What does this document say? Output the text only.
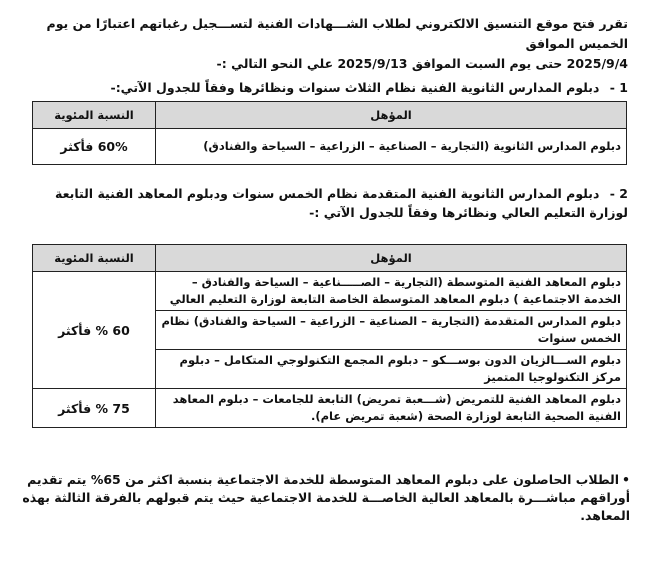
تقرر فتح موقع التنسيق الالكتروني لطلاب الشـــهادات الفنية لتســـجيل رغباتهم اعتبارًا من يوم الخميس الموافق
2025/9/4 حتى يوم السبت الموافق 2025/9/13 علي النحو التالي :-
1 - دبلوم المدارس الثانوية الفنية نظام الثلاث سنوات ونظائرها وفقاً للجدول الآتي:-
المؤهل	النسبة المئوية
دبلوم المدارس الثانوية (التجارية – الصناعية – الزراعية – السياحة والفنادق)	60% فأكثر
2 - دبلوم المدارس الثانوية الفنية المتقدمة نظام الخمس سنوات ودبلوم المعاهد الفنية التابعة لوزارة التعليم العالي ونظائرها وفقاً للجدول الآتي :-
المؤهل	النسبة المئوية
دبلوم المعاهد الفنية المتوسطة (التجارية – الصـــــناعية – السياحة والفنادق – الخدمة الاجتماعية ) دبلوم المعاهد المتوسطة الخاصة التابعة لوزارة التعليم العالي	60 % فأكثر
دبلوم المدارس المتقدمة (التجارية – الصناعية – الزراعية – السياحة والفنادق) نظام الخمس سنوات	
دبلوم الســـالزيان الدون بوســـكو – دبلوم المجمع التكنولوجي المتكامل – دبلوم مركز التكنولوجيا المتميز	
دبلوم المعاهد الفنية للتمريض (شـــعبة تمريض) التابعة للجامعات – دبلوم المعاهد الفنية الصحية التابعة لوزارة الصحة (شعبة تمريض عام).	75 % فأكثر
•الطلاب الحاصلون على دبلوم المعاهد المتوسطة للخدمة الاجتماعية بنسبة اكثر من 65% يتم تقديم أوراقهم مباشـــرة بالمعاهد العالية الخاصـــة للخدمة الاجتماعية حيث يتم قبولهم بالفرقة الثالثة بهذه المعاهد.
